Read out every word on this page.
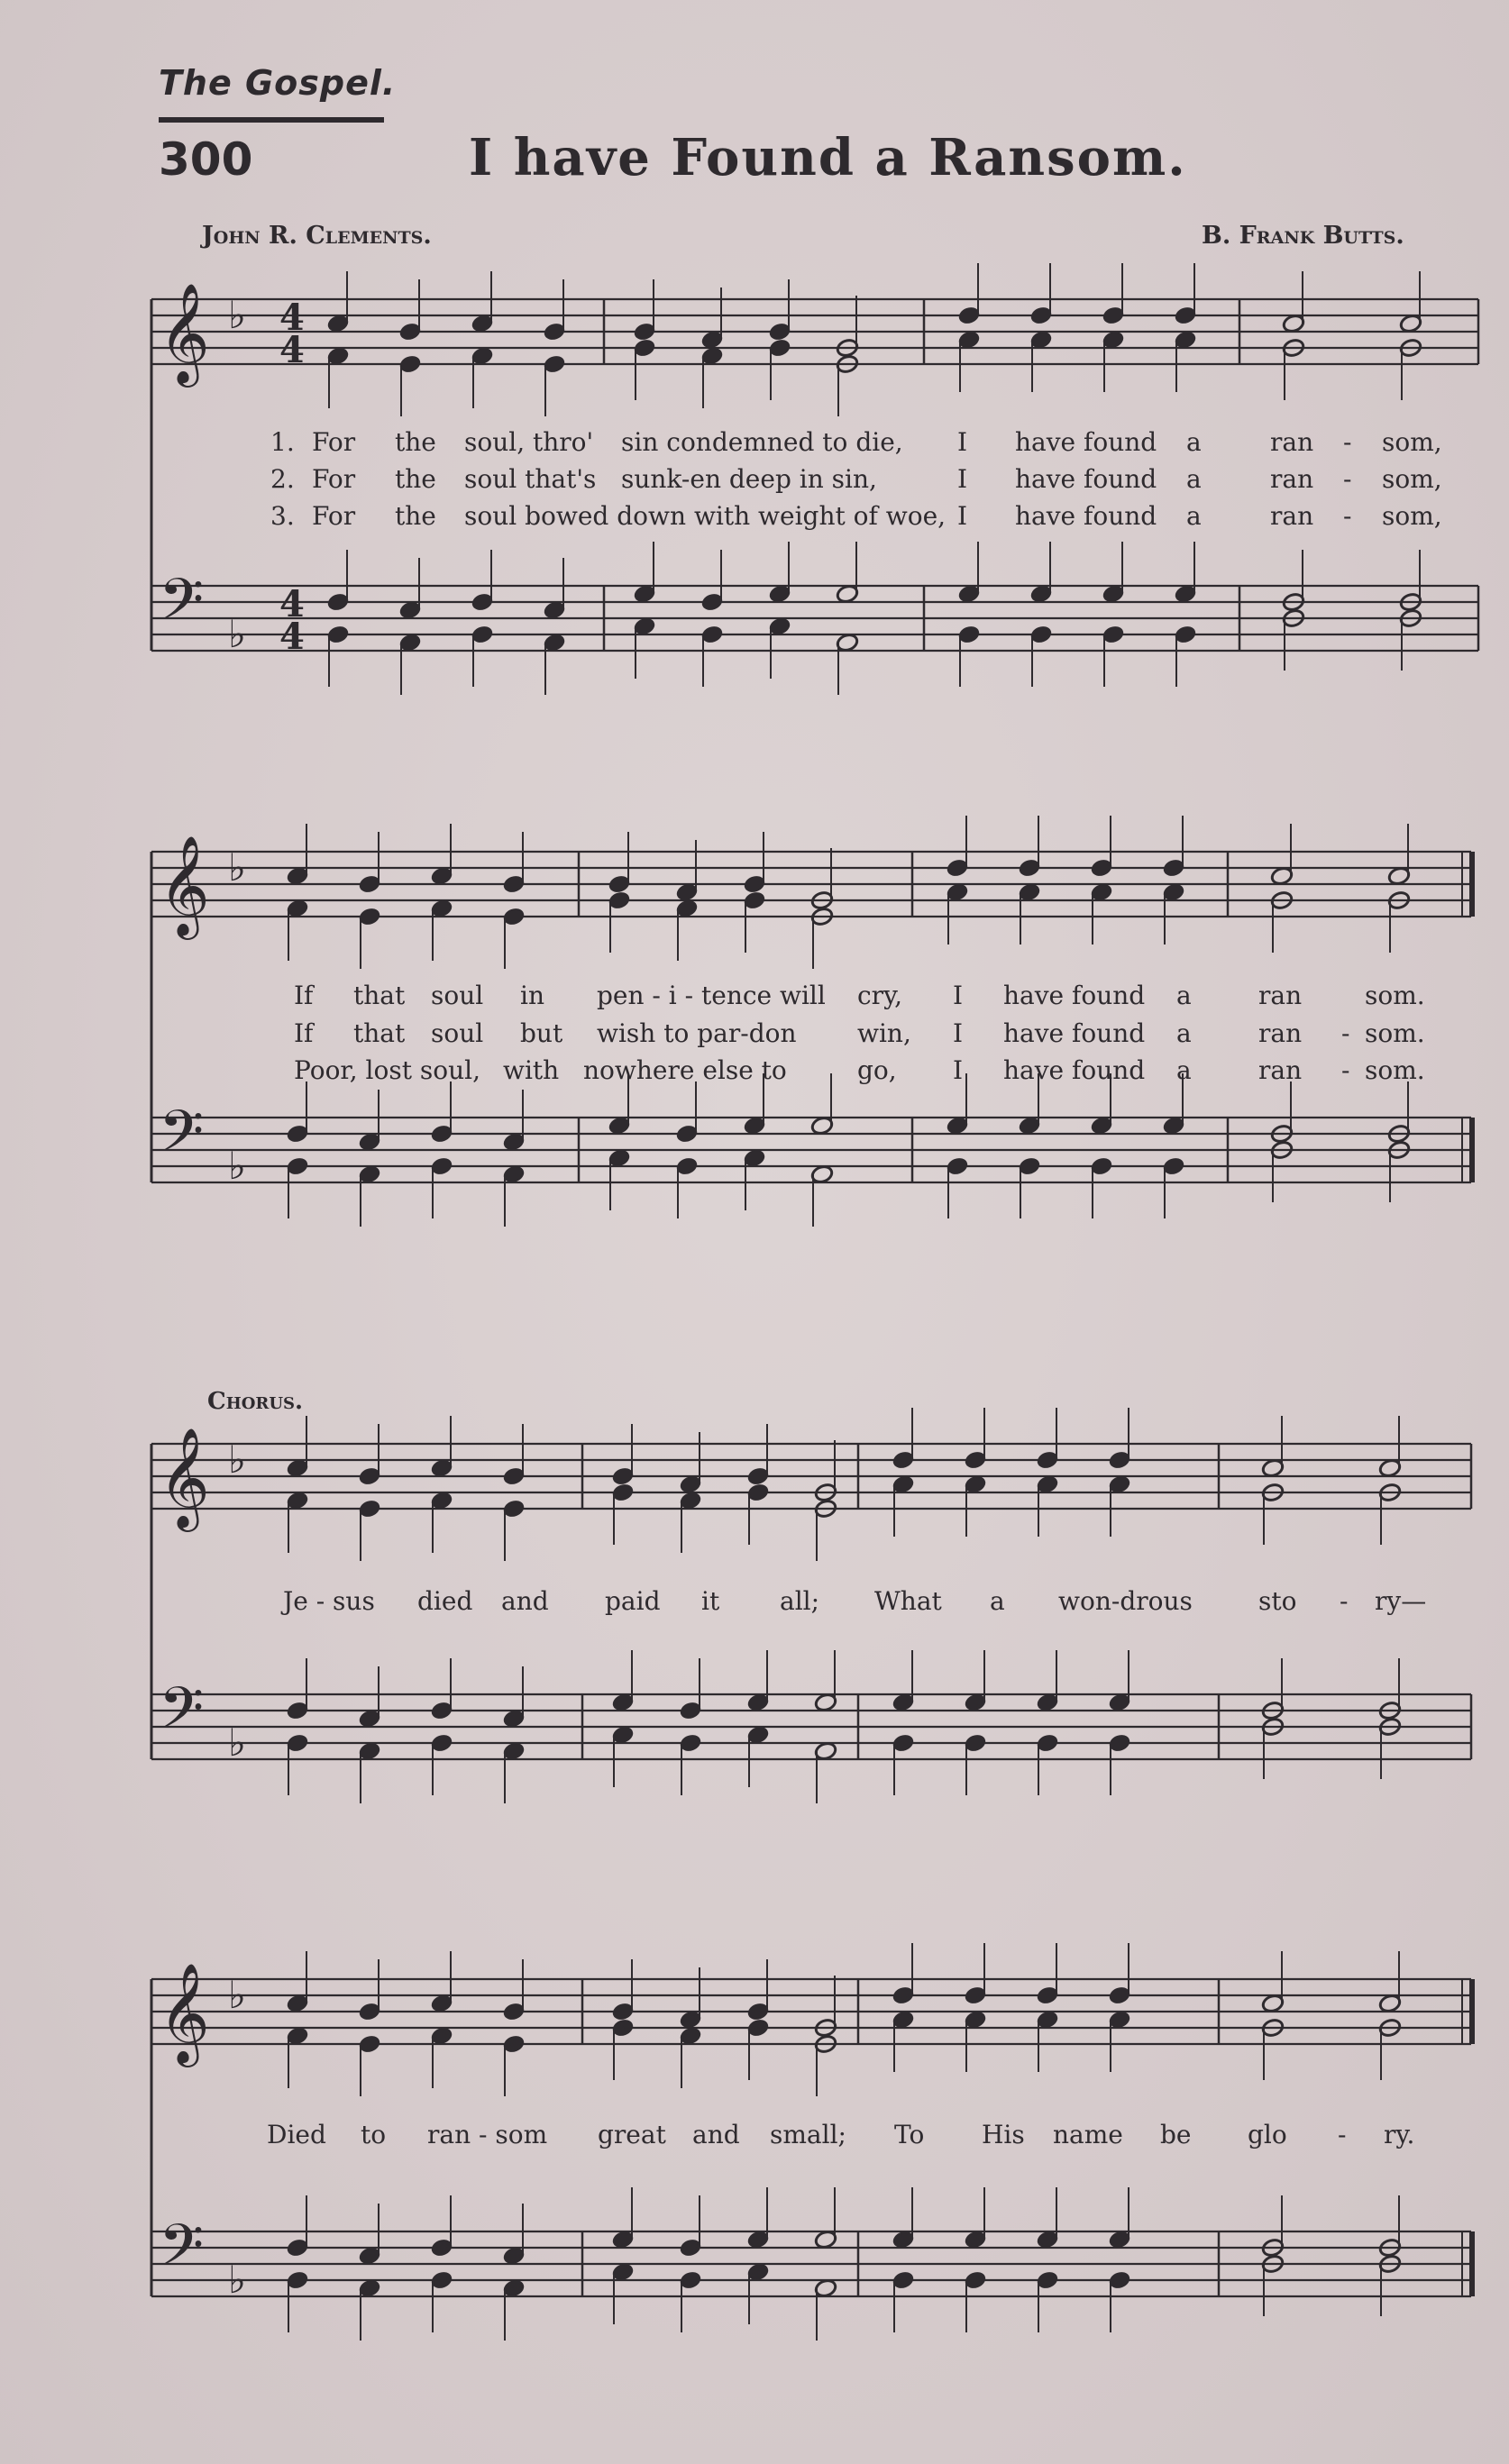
The Gospel.
300	I have Found a Ransom.
John R. Clements.	B. Frank Butts.
Chorus.
𝄞 ♭
𝄢 ♭
4
4
4
4
𝄞 ♭
𝄢 ♭
𝄞 ♭
𝄢 ♭
𝄞 ♭
𝄢 ♭
1. For the soul, thro' sin condemned to die, I have found a	ran - som,
2. For the soul that's sunk-en deep in sin,	I have found a	ran - som,
3. For the soul bowed down with weight of woe, I have found a	ran - som,
If that soul in pen - i - tence will cry, I have found a	ran som.
If that soul but wish to par-don win, I have found a	ran - som.
Poor, lost soul, with nowhere else to	go, I have found a	ran - som.
Je - sus died and paid it all; What a won-drous	sto - ry—
Died to ran - som great and small; To His name be glo - ry.
